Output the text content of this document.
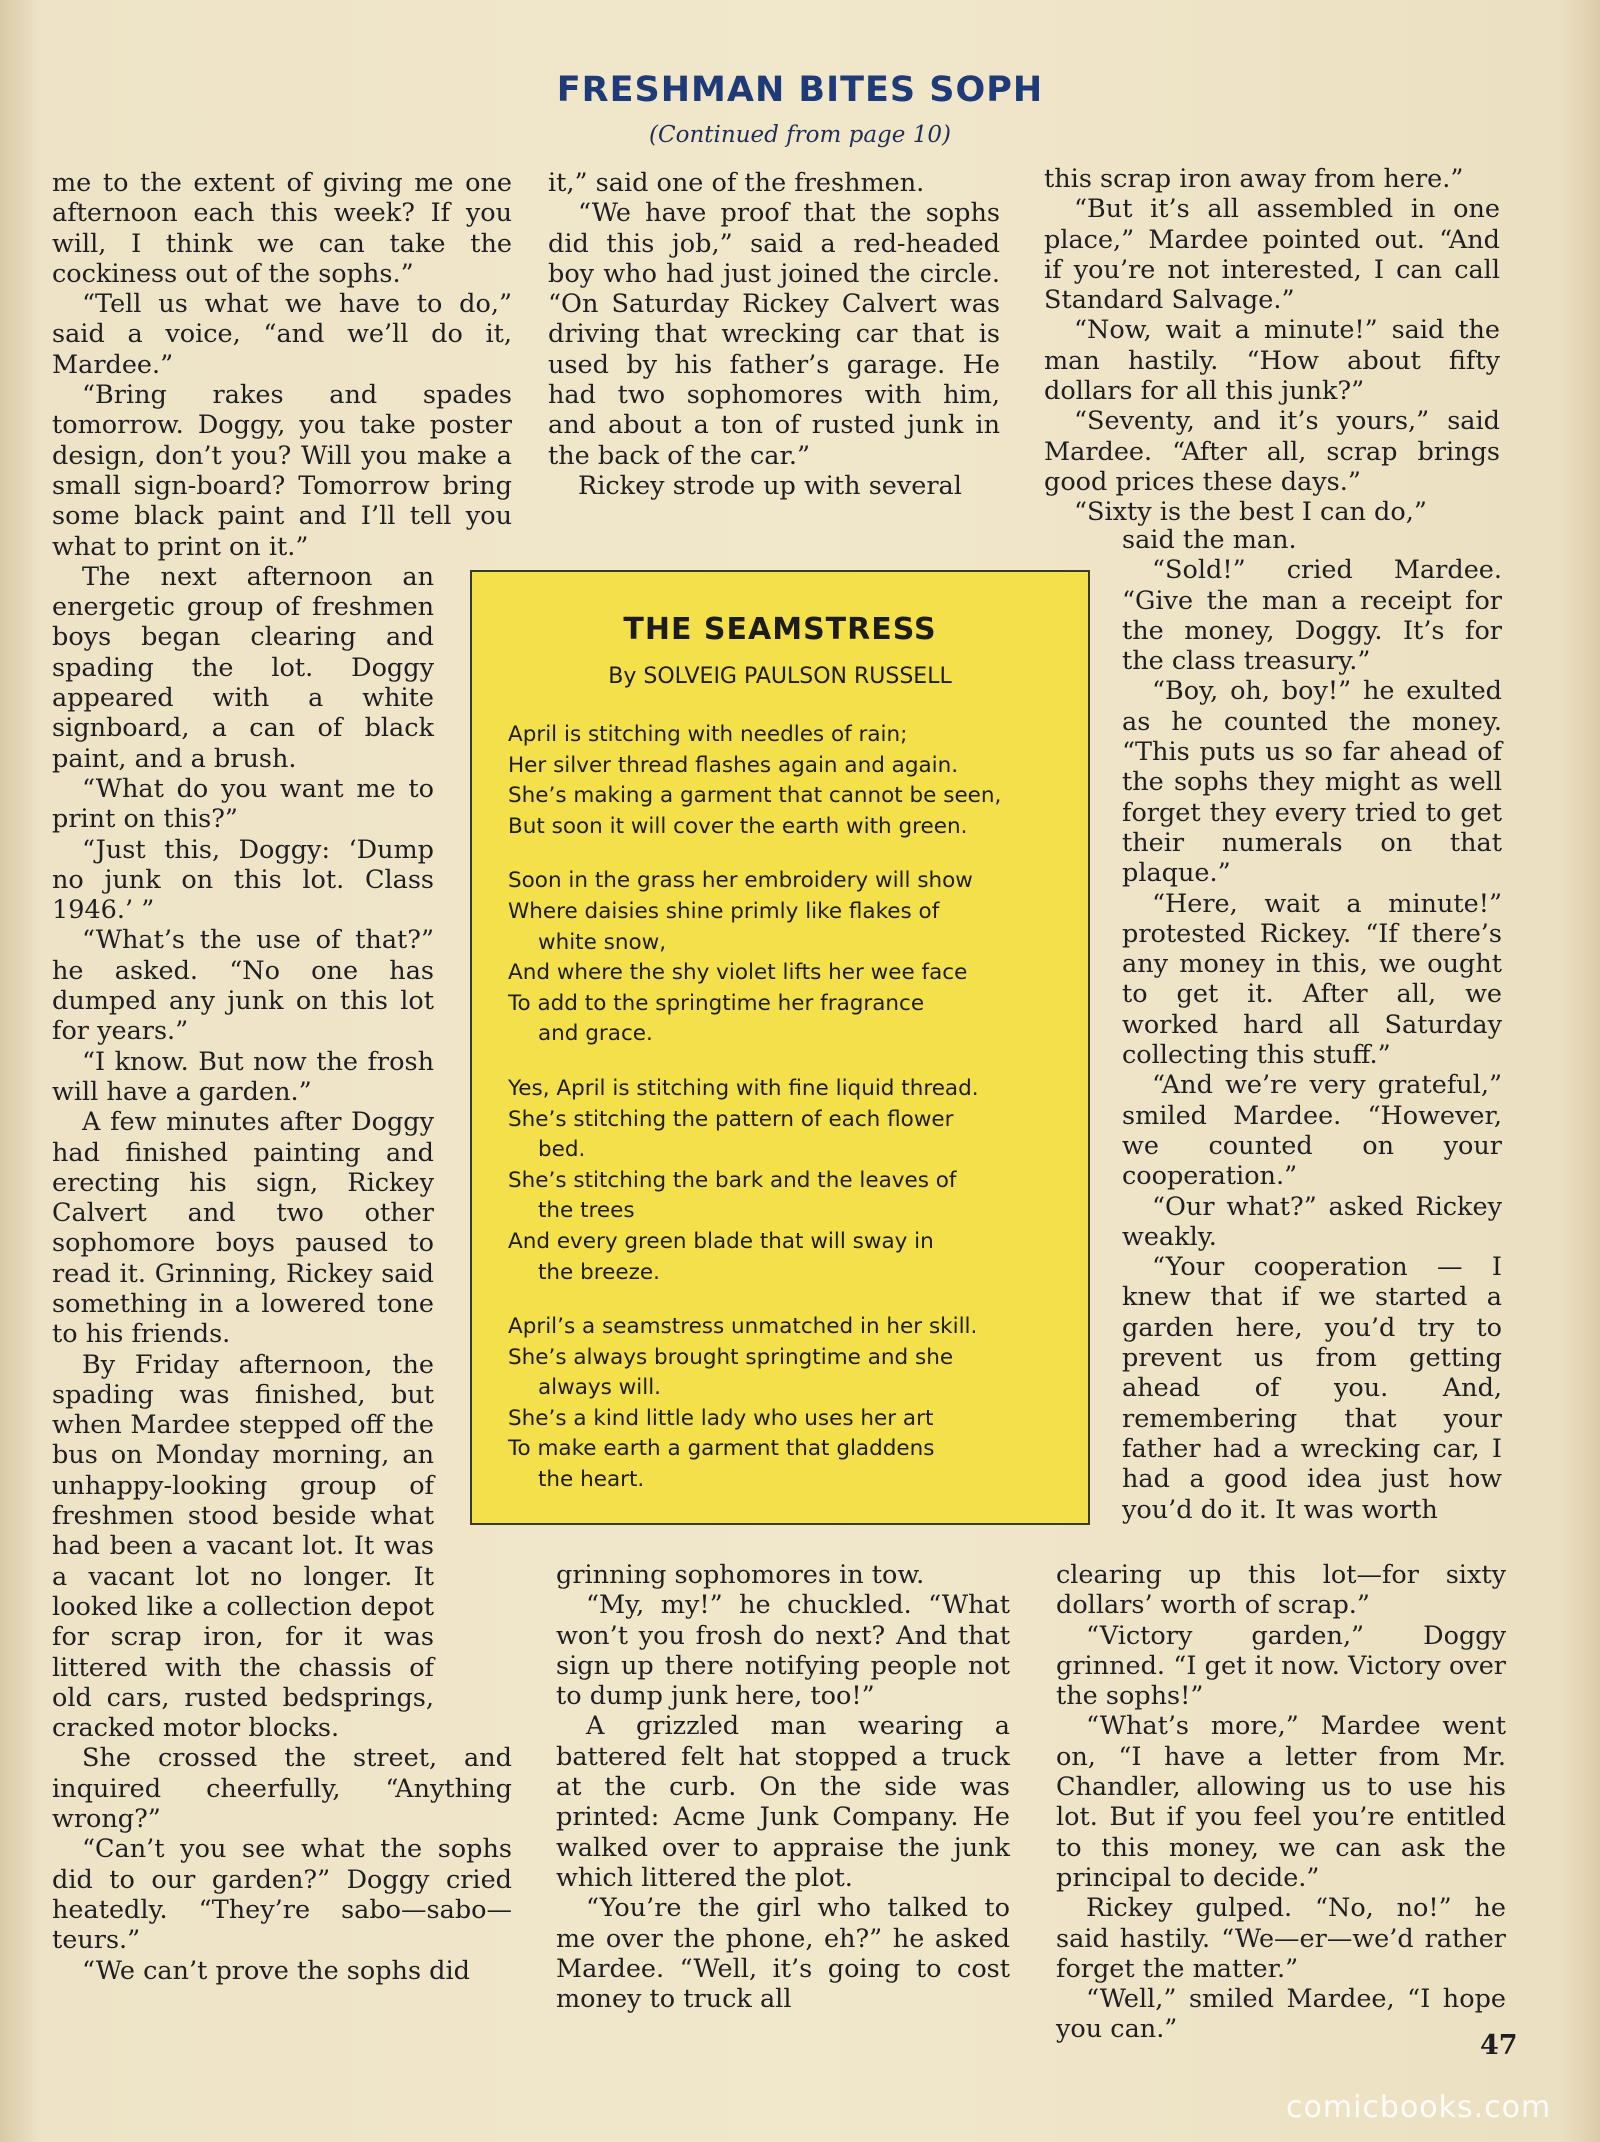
FRESHMAN BITES SOPH
(Continued from page 10)

me to the extent of giving me one afternoon each this week? If you will, I think we can take the cockiness out of the sophs.”

“Tell us what we have to do,” said a voice, “and we’ll do it, Mardee.”

“Bring rakes and spades tomorrow. Doggy, you take poster design, don’t you? Will you make a small sign-board? Tomorrow bring some black paint and I’ll tell you what to print on it.”

The next afternoon an energetic group of freshmen boys began clearing and spading the lot. Doggy appeared with a white signboard, a can of black paint, and a brush.

“What do you want me to print on this?”

“Just this, Doggy: ‘Dump no junk on this lot. Class 1946.’ ”

“What’s the use of that?” he asked. “No one has dumped any junk on this lot for years.”

“I know. But now the frosh will have a garden.”

A few minutes after Doggy had finished painting and erecting his sign, Rickey Calvert and two other sophomore boys paused to read it. Grinning, Rickey said something in a lowered tone to his friends.

By Friday afternoon, the spading was finished, but when Mardee stepped off the bus on Monday morning, an unhappy-looking group of freshmen stood beside what had been a vacant lot. It was a vacant lot no longer. It looked like a collection depot for scrap iron, for it was littered with the chassis of old cars, rusted bedsprings, cracked motor blocks.

She crossed the street, and inquired cheerfully, “Anything wrong?”

“Can’t you see what the sophs did to our garden?” Doggy cried heatedly. “They’re sabo—sabo—teurs.”

“We can’t prove the sophs did

it,” said one of the freshmen.

“We have proof that the sophs did this job,” said a red-headed boy who had just joined the circle. “On Saturday Rickey Calvert was driving that wrecking car that is used by his father’s garage. He had two sophomores with him, and about a ton of rusted junk in the back of the car.”

Rickey strode up with several

grinning sophomores in tow.

“My, my!” he chuckled. “What won’t you frosh do next? And that sign up there notifying people not to dump junk here, too!”

A grizzled man wearing a battered felt hat stopped a truck at the curb. On the side was printed: Acme Junk Company. He walked over to appraise the junk which littered the plot.

“You’re the girl who talked to me over the phone, eh?” he asked Mardee. “Well, it’s going to cost money to truck all

this scrap iron away from here.”

“But it’s all assembled in one place,” Mardee pointed out. “And if you’re not interested, I can call Standard Salvage.”

“Now, wait a minute!” said the man hastily. “How about fifty dollars for all this junk?”

“Seventy, and it’s yours,” said Mardee. “After all, scrap brings good prices these days.”

“Sixty is the best I can do,”

said the man.

“Sold!” cried Mardee. “Give the man a receipt for the money, Doggy. It’s for the class treasury.”

“Boy, oh, boy!” he exulted as he counted the money. “This puts us so far ahead of the sophs they might as well forget they every tried to get their numerals on that plaque.”

“Here, wait a minute!” protested Rickey. “If there’s any money in this, we ought to get it. After all, we worked hard all Saturday collecting this stuff.”

“And we’re very grateful,” smiled Mardee. “However, we counted on your cooperation.”

“Our what?” asked Rickey weakly.

“Your cooperation — I knew that if we started a garden here, you’d try to prevent us from getting ahead of you. And, remembering that your father had a wrecking car, I had a good idea just how you’d do it. It was worth

clearing up this lot—for sixty dollars’ worth of scrap.”

“Victory garden,” Doggy grinned. “I get it now. Victory over the sophs!”

“What’s more,” Mardee went on, “I have a letter from Mr. Chandler, allowing us to use his lot. But if you feel you’re entitled to this money, we can ask the principal to decide.”

Rickey gulped. “No, no!” he said hastily. “We—er—we’d rather forget the matter.”

“Well,” smiled Mardee, “I hope you can.”

THE SEAMSTRESS
By SOLVEIG PAULSON RUSSELL
April is stitching with needles of rain;
Her silver thread flashes again and again.
She’s making a garment that cannot be seen,
But soon it will cover the earth with green.
Soon in the grass her embroidery will show
Where daisies shine primly like flakes of
white snow,
And where the shy violet lifts her wee face
To add to the springtime her fragrance
and grace.
Yes, April is stitching with fine liquid thread.
She’s stitching the pattern of each flower
bed.
She’s stitching the bark and the leaves of
the trees
And every green blade that will sway in
the breeze.
April’s a seamstress unmatched in her skill.
She’s always brought springtime and she
always will.
She’s a kind little lady who uses her art
To make earth a garment that gladdens
the heart.
47
comicbooks.com
